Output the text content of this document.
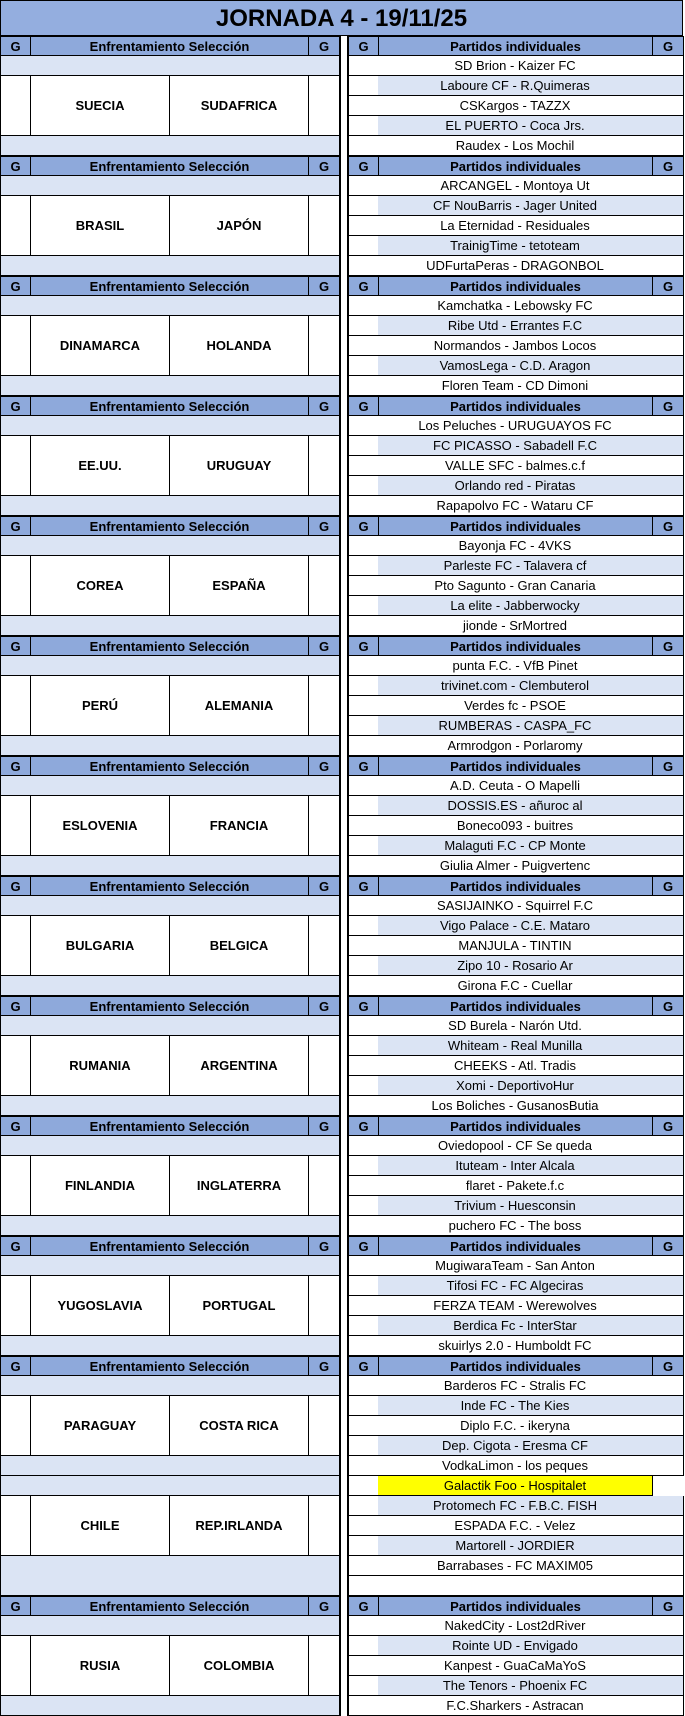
JORNADA 4 - 19/11/25
G	Enfrentamiento Selección	G
SUECIA	SUDAFRICA
G	Partidos individuales	G
SD Brion - Kaizer FC
Laboure CF - R.Quimeras
CSKargos - TAZZX
EL PUERTO - Coca Jrs.
Raudex - Los Mochil
G	Enfrentamiento Selección	G
BRASIL	JAPÓN
G	Partidos individuales	G
ARCANGEL - Montoya Ut
CF NouBarris - Jager United
La Eternidad - Residuales
TrainigTime - tetoteam
UDFurtaPeras - DRAGONBOL
G	Enfrentamiento Selección	G
DINAMARCA	HOLANDA
G	Partidos individuales	G
Kamchatka - Lebowsky FC
Ribe Utd - Errantes F.C
Normandos - Jambos Locos
VamosLega - C.D. Aragon
Floren Team - CD Dimoni
G	Enfrentamiento Selección	G
EE.UU.	URUGUAY
G	Partidos individuales	G
Los Peluches - URUGUAYOS FC
FC PICASSO - Sabadell F.C
VALLE SFC - balmes.c.f
Orlando red - Piratas
Rapapolvo FC - Wataru CF
G	Enfrentamiento Selección	G
COREA	ESPAÑA
G	Partidos individuales	G
Bayonja FC - 4VKS
Parleste FC - Talavera cf
Pto Sagunto - Gran Canaria
La elite - Jabberwocky
jionde - SrMortred
G	Enfrentamiento Selección	G
PERÚ	ALEMANIA
G	Partidos individuales	G
punta F.C. - VfB Pinet
trivinet.com - Clembuterol
Verdes fc - PSOE
RUMBERAS - CASPA_FC
Armrodgon - Porlaromy
G	Enfrentamiento Selección	G
ESLOVENIA	FRANCIA
G	Partidos individuales	G
A.D. Ceuta - O Mapelli
DOSSIS.ES - añuroc al
Boneco093 - buitres
Malaguti F.C - CP Monte
Giulia Almer - Puigvertenc
G	Enfrentamiento Selección	G
BULGARIA	BELGICA
G	Partidos individuales	G
SASIJAINKO - Squirrel F.C
Vigo Palace - C.E. Mataro
MANJULA - TINTIN
Zipo 10 - Rosario Ar
Girona F.C - Cuellar
G	Enfrentamiento Selección	G
RUMANIA	ARGENTINA
G	Partidos individuales	G
SD Burela - Narón Utd.
Whiteam - Real Munilla
CHEEKS - Atl. Tradis
Xomi - DeportivoHur
Los Boliches - GusanosButia
G	Enfrentamiento Selección	G
FINLANDIA	INGLATERRA
G	Partidos individuales	G
Oviedopool - CF Se queda
Ituteam - Inter Alcala
flaret - Pakete.f.c
Trivium - Huesconsin
puchero FC - The boss
G	Enfrentamiento Selección	G
YUGOSLAVIA	PORTUGAL
G	Partidos individuales	G
MugiwaraTeam - San Anton
Tifosi FC - FC Algeciras
FERZA TEAM - Werewolves
Berdica Fc - InterStar
skuirlys 2.0 - Humboldt FC
G	Enfrentamiento Selección	G
PARAGUAY	COSTA RICA
G	Partidos individuales	G
Barderos FC - Stralis FC
Inde FC - The Kies
Diplo F.C. - ikeryna
Dep. Cigota - Eresma CF
VodkaLimon - los peques
CHILE	REP.IRLANDA
Galactik Foo - Hospitalet
Protomech FC - F.B.C. FISH
ESPADA F.C. - Velez
Martorell - JORDIER
Barrabases - FC MAXIM05
G	Enfrentamiento Selección	G
RUSIA	COLOMBIA
G	Partidos individuales	G
NakedCity - Lost2dRiver
Rointe UD - Envigado
Kanpest - GuaCaMaYoS
The Tenors - Phoenix FC
F.C.Sharkers - Astracan
